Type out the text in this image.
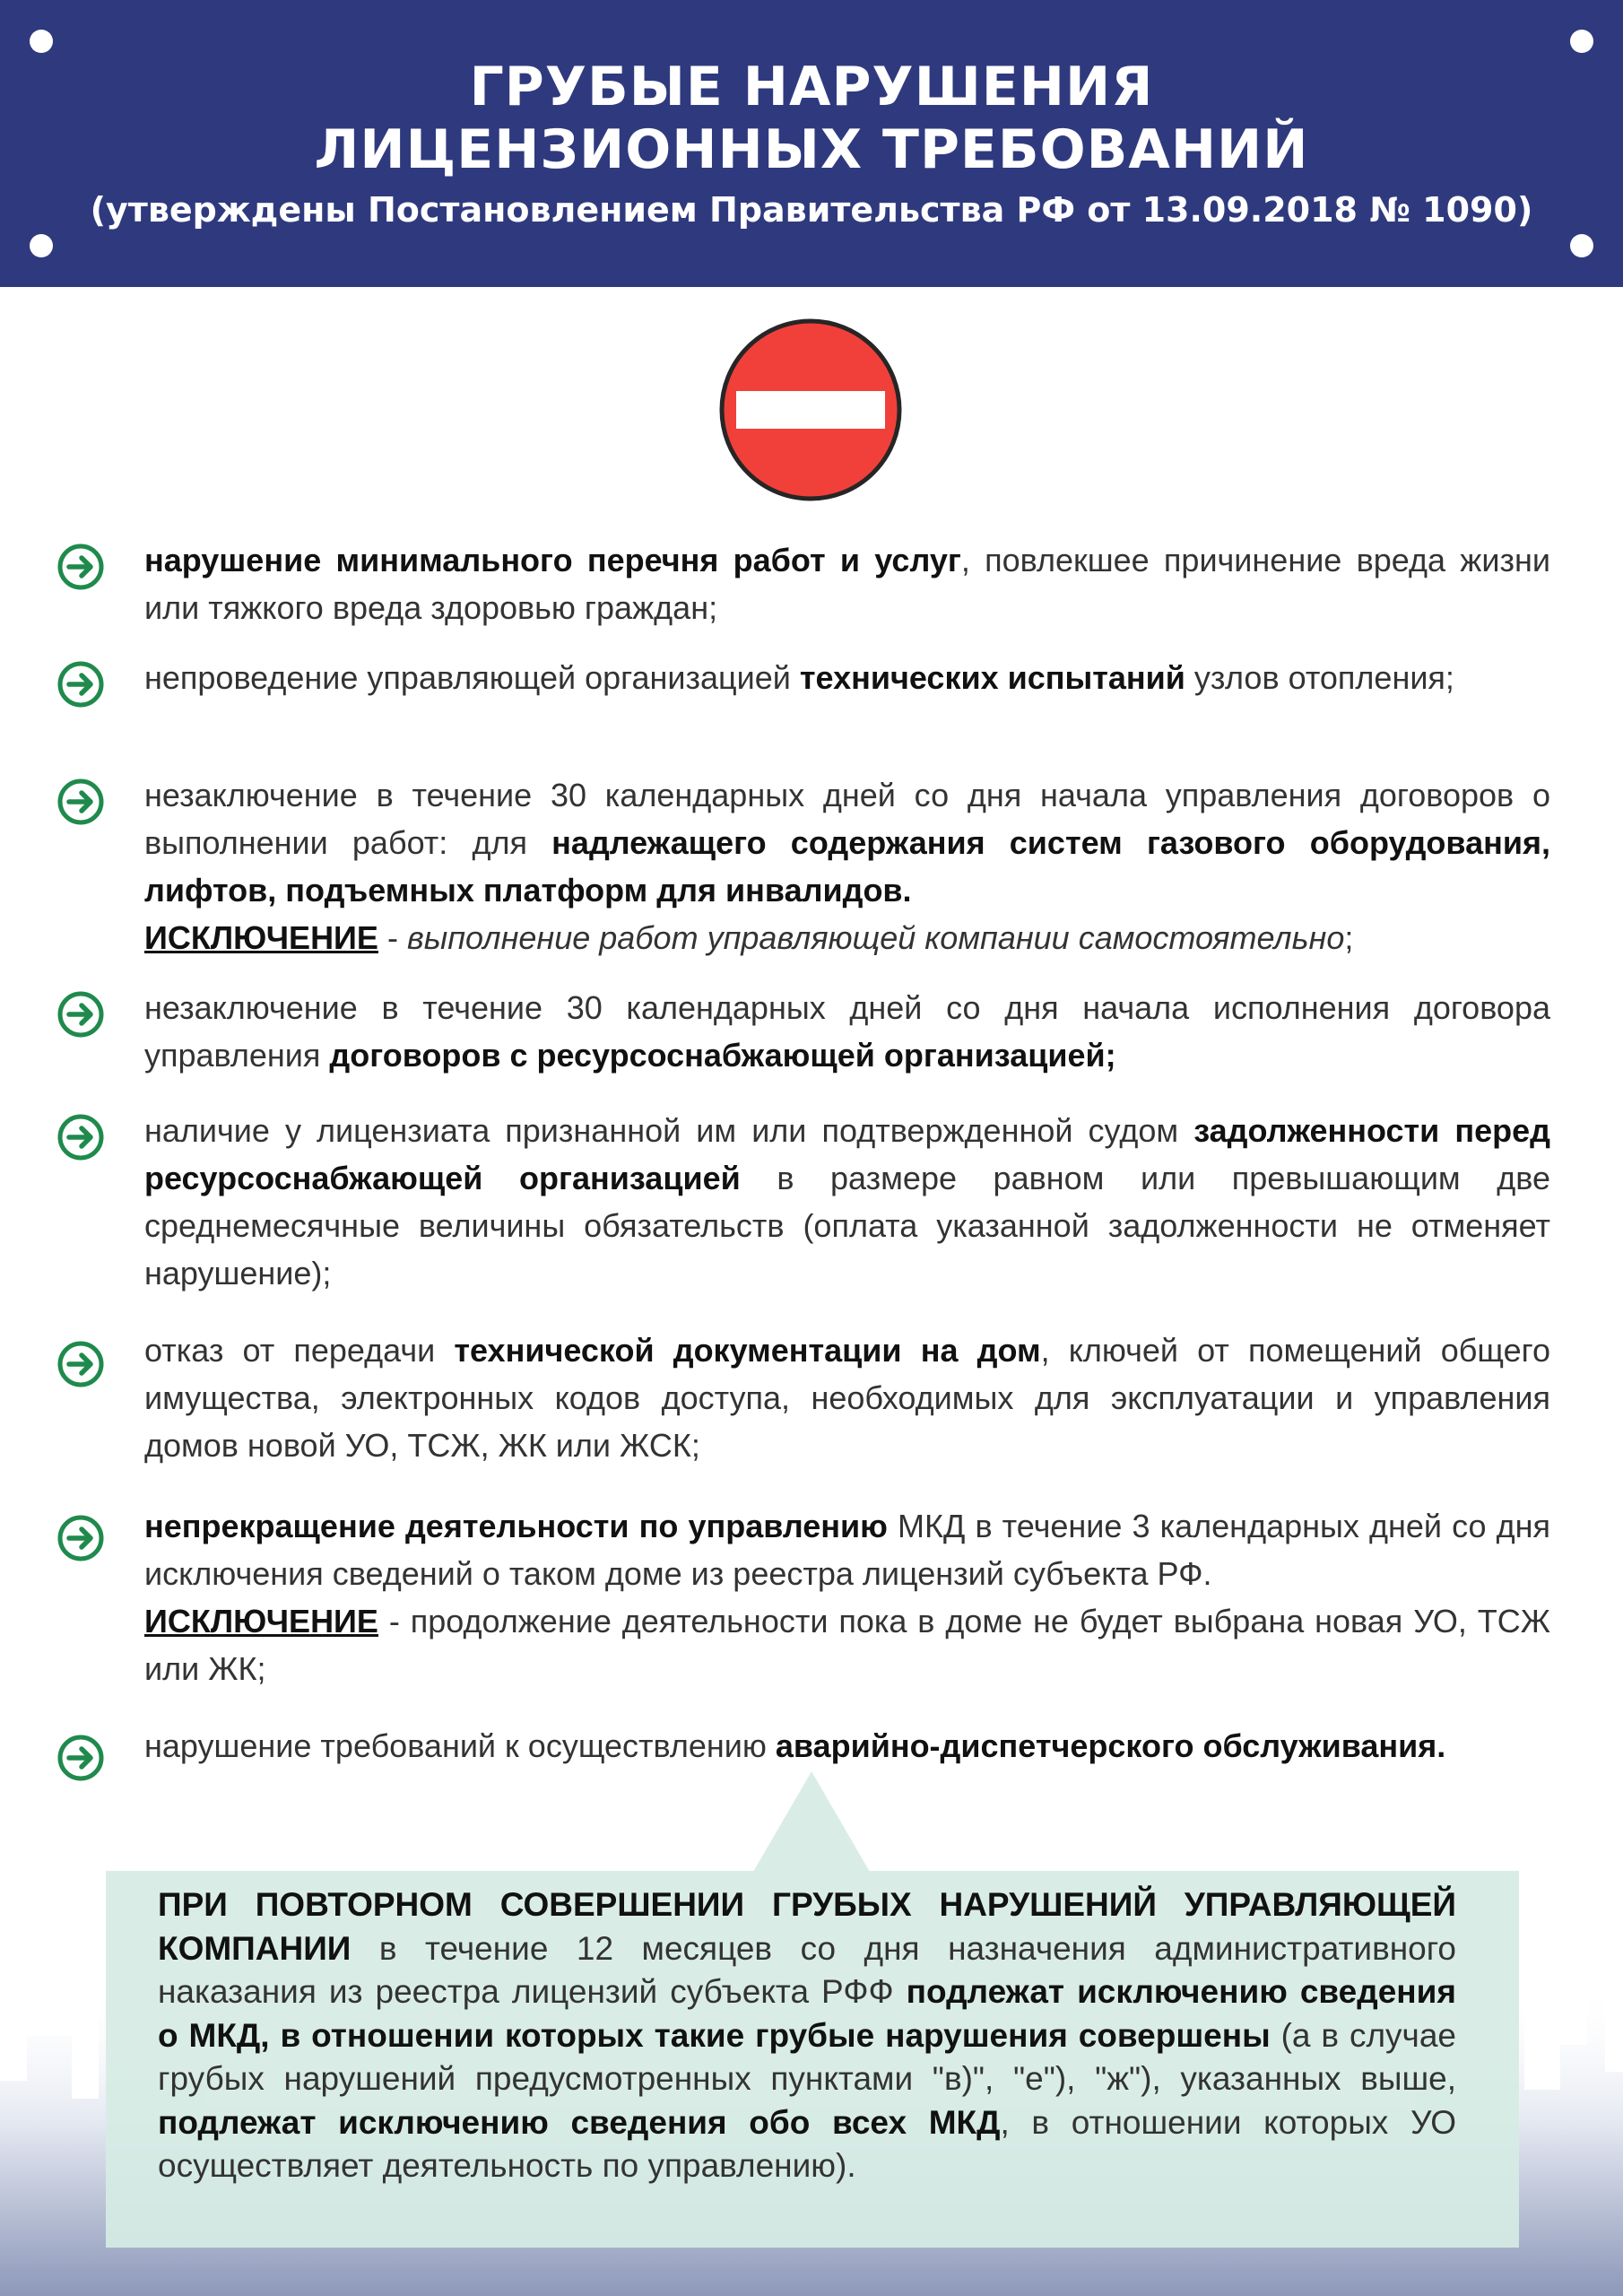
ГРУБЫЕ НАРУШЕНИЯ
ЛИЦЕНЗИОННЫХ ТРЕБОВАНИЙ
(утверждены Постановлением Правительства РФ от 13.09.2018 № 1090)
нарушение минимального перечня работ и услуг, повлекшее причинение вреда жизни или тяжкого вреда здоровью граждан;
непроведение управляющей организацией технических испытаний узлов отопления;
незаключение в течение 30 календарных дней со дня начала управления договоров о выполнении работ: для надлежащего содержания систем газового оборудования, лифтов, подъемных платформ для инвалидов.
ИСКЛЮЧЕНИЕ - выполнение работ управляющей компании самостоятельно;
незаключение в течение 30 календарных дней со дня начала исполнения договора управления договоров с ресурсоснабжающей организацией;
наличие у лицензиата признанной им или подтвержденной судом задолженности перед ресурсоснабжающей организацией в размере равном или превышающим две среднемесячные величины обязательств (оплата указанной задолженности не отменяет нарушение);
отказ от передачи технической документации на дом, ключей от помещений общего имущества, электронных кодов доступа, необходимых для эксплуатации и управления домов новой УО, ТСЖ, ЖК или ЖСК;
непрекращение деятельности по управлению МКД в течение 3 календарных дней со дня исключения сведений о таком доме из реестра лицензий субъекта РФ.
ИСКЛЮЧЕНИЕ - продолжение деятельности пока в доме не будет выбрана новая УО, ТСЖ или ЖК;
нарушение требований к осуществлению аварийно-диспетчерского обслуживания.
ПРИ ПОВТОРНОМ СОВЕРШЕНИИ ГРУБЫХ НАРУШЕНИЙ УПРАВЛЯЮЩЕЙ КОМПАНИИ в течение 12 месяцев со дня назначения административного наказания из реестра лицензий субъекта РФФ подлежат исключению сведения о МКД, в отношении которых такие грубые нарушения совершены (а в случае грубых нарушений предусмотренных пунктами "в)", "е"), "ж"), указанных выше, подлежат исключению сведения обо всех МКД, в отношении которых УО осуществляет деятельность по управлению).
